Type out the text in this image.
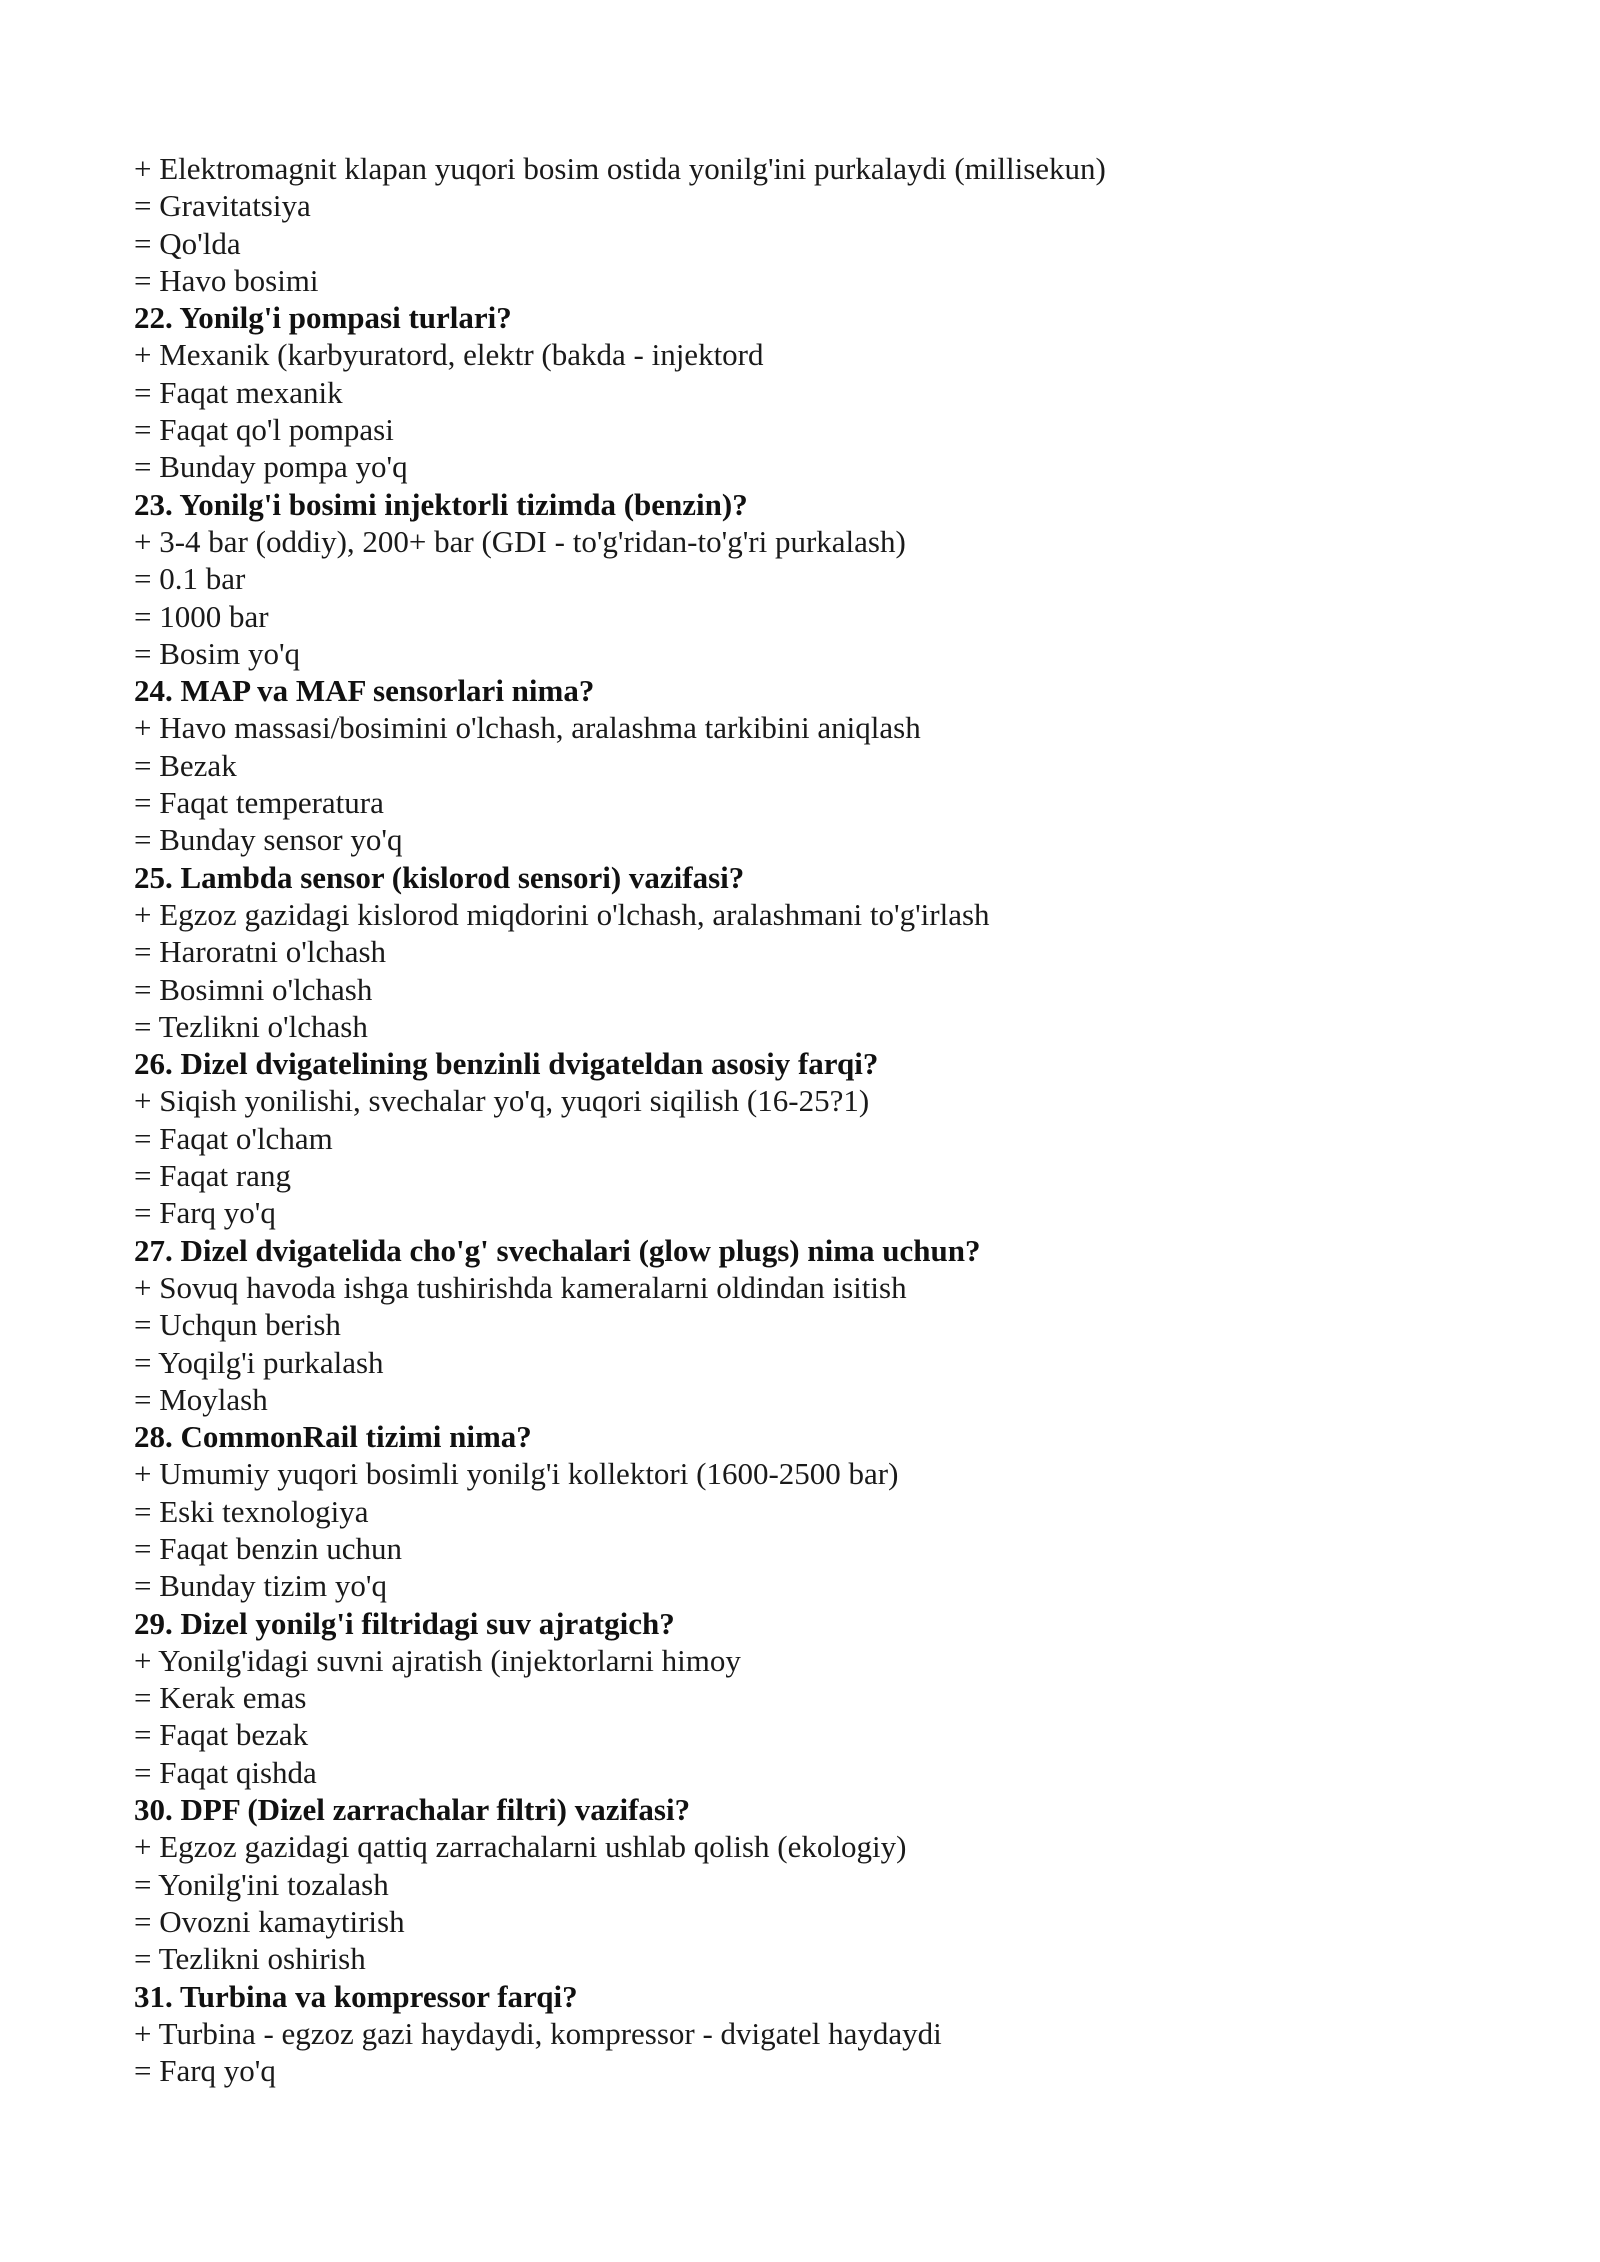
+ Elektromagnit klapan yuqori bosim ostida yonilg'ini purkalaydi (millisekun)
= Gravitatsiya
= Qo'lda
= Havo bosimi
22. Yonilg'i pompasi turlari?
+ Mexanik (karbyuratord, elektr (bakda - injektord
= Faqat mexanik
= Faqat qo'l pompasi
= Bunday pompa yo'q
23. Yonilg'i bosimi injektorli tizimda (benzin)?
+ 3-4 bar (oddiy), 200+ bar (GDI - to'g'ridan-to'g'ri purkalash)
= 0.1 bar
= 1000 bar
= Bosim yo'q
24. MAP va MAF sensorlari nima?
+ Havo massasi/bosimini o'lchash, aralashma tarkibini aniqlash
= Bezak
= Faqat temperatura
= Bunday sensor yo'q
25. Lambda sensor (kislorod sensori) vazifasi?
+ Egzoz gazidagi kislorod miqdorini o'lchash, aralashmani to'g'irlash
= Haroratni o'lchash
= Bosimni o'lchash
= Tezlikni o'lchash
26. Dizel dvigatelining benzinli dvigateldan asosiy farqi?
+ Siqish yonilishi, svechalar yo'q, yuqori siqilish (16-25?1)
= Faqat o'lcham
= Faqat rang
= Farq yo'q
27. Dizel dvigatelida cho'g' svechalari (glow plugs) nima uchun?
+ Sovuq havoda ishga tushirishda kameralarni oldindan isitish
= Uchqun berish
= Yoqilg'i purkalash
= Moylash
28. CommonRail tizimi nima?
+ Umumiy yuqori bosimli yonilg'i kollektori (1600-2500 bar)
= Eski texnologiya
= Faqat benzin uchun
= Bunday tizim yo'q
29. Dizel yonilg'i filtridagi suv ajratgich?
+ Yonilg'idagi suvni ajratish (injektorlarni himoy
= Kerak emas
= Faqat bezak
= Faqat qishda
30. DPF (Dizel zarrachalar filtri) vazifasi?
+ Egzoz gazidagi qattiq zarrachalarni ushlab qolish (ekologiy)
= Yonilg'ini tozalash
= Ovozni kamaytirish
= Tezlikni oshirish
31. Turbina va kompressor farqi?
+ Turbina - egzoz gazi haydaydi, kompressor - dvigatel haydaydi
= Farq yo'q
